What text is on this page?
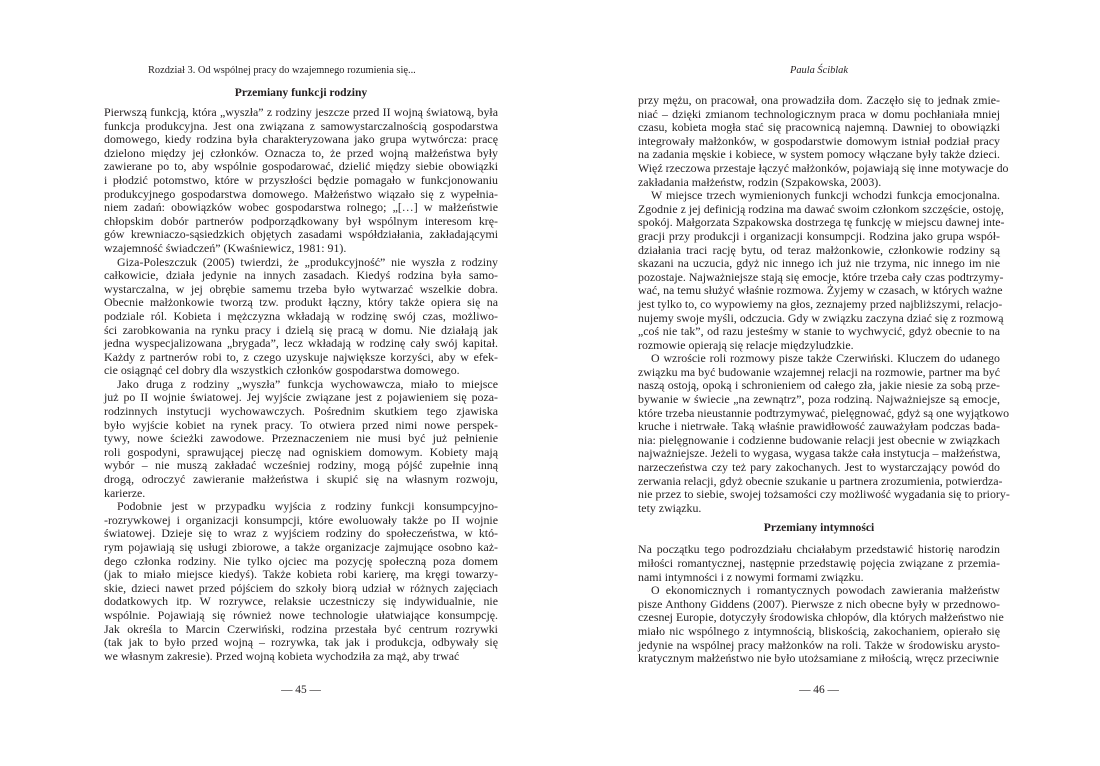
Rozdział 3. Od wspólnej pracy do wzajemnego rozumienia się...
Przemiany funkcji rodziny
Pierwszą funkcją, która „wyszła” z rodziny jeszcze przed II wojną światową, była
funkcja produkcyjna. Jest ona związana z samowystarczalnością gospodarstwa
domowego, kiedy rodzina była charakteryzowana jako grupa wytwórcza: pracę
dzielono między jej członków. Oznacza to, że przed wojną małżeństwa były
zawierane po to, aby wspólnie gospodarować, dzielić między siebie obowiązki
i płodzić potomstwo, które w przyszłości będzie pomagało w funkcjonowaniu
produkcyjnego gospodarstwa domowego. Małżeństwo wiązało się z wypełnia-
niem zadań: obowiązków wobec gospodarstwa rolnego; „[…] w małżeństwie
chłopskim dobór partnerów podporządkowany był wspólnym interesom krę-
gów krewniaczo-sąsiedzkich objętych zasadami współdziałania, zakładającymi
wzajemność świadczeń” (Kwaśniewicz, 1981: 91).
Giza-Poleszczuk (2005) twierdzi, że „produkcyjność” nie wyszła z rodziny
całkowicie, działa jedynie na innych zasadach. Kiedyś rodzina była samo-
wystarczalna, w jej obrębie samemu trzeba było wytwarzać wszelkie dobra.
Obecnie małżonkowie tworzą tzw. produkt łączny, który także opiera się na
podziale ról. Kobieta i mężczyzna wkładają w rodzinę swój czas, możliwo-
ści zarobkowania na rynku pracy i dzielą się pracą w domu. Nie działają jak
jedna wyspecjalizowana „brygada”, lecz wkładają w rodzinę cały swój kapitał.
Każdy z partnerów robi to, z czego uzyskuje największe korzyści, aby w efek-
cie osiągnąć cel dobry dla wszystkich członków gospodarstwa domowego.
Jako druga z rodziny „wyszła” funkcja wychowawcza, miało to miejsce
już po II wojnie światowej. Jej wyjście związane jest z pojawieniem się poza-
rodzinnych instytucji wychowawczych. Pośrednim skutkiem tego zjawiska
było wyjście kobiet na rynek pracy. To otwiera przed nimi nowe perspek-
tywy, nowe ścieżki zawodowe. Przeznaczeniem nie musi być już pełnienie
roli gospodyni, sprawującej pieczę nad ogniskiem domowym. Kobiety mają
wybór – nie muszą zakładać wcześniej rodziny, mogą pójść zupełnie inną
drogą, odroczyć zawieranie małżeństwa i skupić się na własnym rozwoju,
karierze.
Podobnie jest w przypadku wyjścia z rodziny funkcji konsumpcyjno-
-rozrywkowej i organizacji konsumpcji, które ewoluowały także po II wojnie
światowej. Dzieje się to wraz z wyjściem rodziny do społeczeństwa, w któ-
rym pojawiają się usługi zbiorowe, a także organizacje zajmujące osobno każ-
dego członka rodziny. Nie tylko ojciec ma pozycję społeczną poza domem
(jak to miało miejsce kiedyś). Także kobieta robi karierę, ma kręgi towarzy-
skie, dzieci nawet przed pójściem do szkoły biorą udział w różnych zajęciach
dodatkowych itp. W rozrywce, relaksie uczestniczy się indywidualnie, nie
wspólnie. Pojawiają się również nowe technologie ułatwiające konsumpcję.
Jak określa to Marcin Czerwiński, rodzina przestała być centrum rozrywki
(tak jak to było przed wojną – rozrywka, tak jak i produkcja, odbywały się
we własnym zakresie). Przed wojną kobieta wychodziła za mąż, aby trwać
— 45 —
Paula Ściblak
przy mężu, on pracował, ona prowadziła dom. Zaczęło się to jednak zmie-
niać – dzięki zmianom technologicznym praca w domu pochłaniała mniej
czasu, kobieta mogła stać się pracownicą najemną. Dawniej to obowiązki
integrowały małżonków, w gospodarstwie domowym istniał podział pracy
na zadania męskie i kobiece, w system pomocy włączane były także dzieci.
Więź rzeczowa przestaje łączyć małżonków, pojawiają się inne motywacje do
zakładania małżeństw, rodzin (Szpakowska, 2003).
W miejsce trzech wymienionych funkcji wchodzi funkcja emocjonalna.
Zgodnie z jej definicją rodzina ma dawać swoim członkom szczęście, ostoję,
spokój. Małgorzata Szpakowska dostrzega tę funkcję w miejscu dawnej inte-
gracji przy produkcji i organizacji konsumpcji. Rodzina jako grupa współ-
działania traci rację bytu, od teraz małżonkowie, członkowie rodziny są
skazani na uczucia, gdyż nic innego ich już nie trzyma, nic innego im nie
pozostaje. Najważniejsze stają się emocje, które trzeba cały czas podtrzymy-
wać, na temu służyć właśnie rozmowa. Żyjemy w czasach, w których ważne
jest tylko to, co wypowiemy na głos, zeznajemy przed najbliższymi, relacjo-
nujemy swoje myśli, odczucia. Gdy w związku zaczyna dziać się z rozmową
„coś nie tak”, od razu jesteśmy w stanie to wychwycić, gdyż obecnie to na
rozmowie opierają się relacje międzyludzkie.
O wzroście roli rozmowy pisze także Czerwiński. Kluczem do udanego
związku ma być budowanie wzajemnej relacji na rozmowie, partner ma być
naszą ostoją, opoką i schronieniem od całego zła, jakie niesie za sobą prze-
bywanie w świecie „na zewnątrz”, poza rodziną. Najważniejsze są emocje,
które trzeba nieustannie podtrzymywać, pielęgnować, gdyż są one wyjątkowo
kruche i nietrwałe. Taką właśnie prawidłowość zauważyłam podczas bada-
nia: pielęgnowanie i codzienne budowanie relacji jest obecnie w związkach
najważniejsze. Jeżeli to wygasa, wygasa także cała instytucja – małżeństwa,
narzeczeństwa czy też pary zakochanych. Jest to wystarczający powód do
zerwania relacji, gdyż obecnie szukanie u partnera zrozumienia, potwierdza-
nie przez to siebie, swojej tożsamości czy możliwość wygadania się to priory-
tety związku.
Przemiany intymności
Na początku tego podrozdziału chciałabym przedstawić historię narodzin
miłości romantycznej, następnie przedstawię pojęcia związane z przemia-
nami intymności i z nowymi formami związku.
O ekonomicznych i romantycznych powodach zawierania małżeństw
pisze Anthony Giddens (2007). Pierwsze z nich obecne były w przednowo-
czesnej Europie, dotyczyły środowiska chłopów, dla których małżeństwo nie
miało nic wspólnego z intymnością, bliskością, zakochaniem, opierało się
jedynie na wspólnej pracy małżonków na roli. Także w środowisku arysto-
kratycznym małżeństwo nie było utożsamiane z miłością, wręcz przeciwnie
— 46 —
